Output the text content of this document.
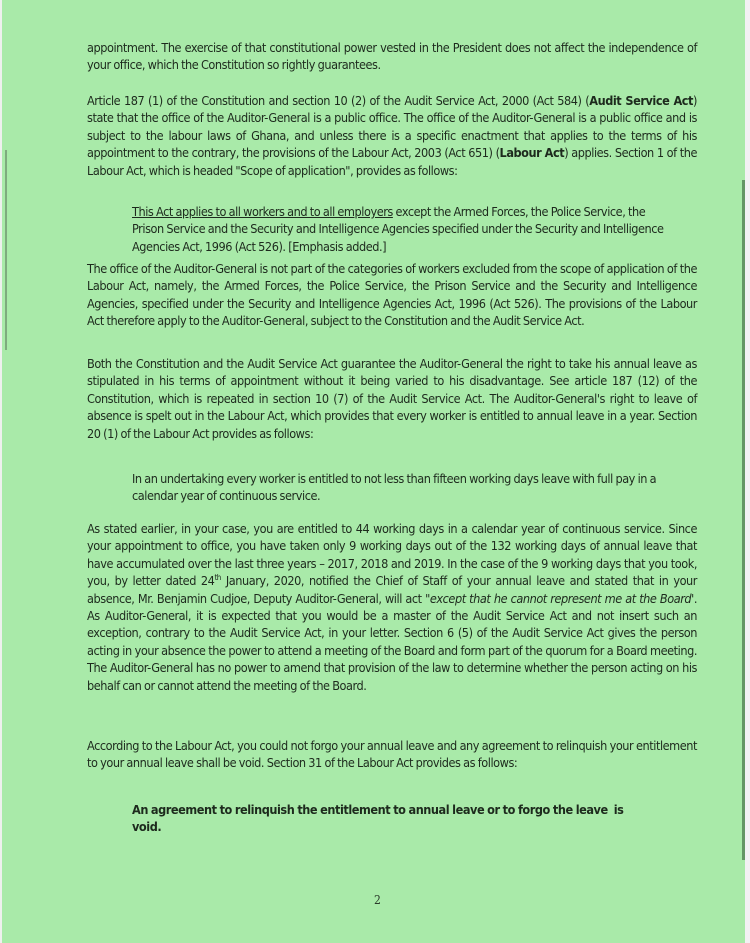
appointment. The exercise of that constitutional power vested in the President does not affect the independence of your office, which the Constitution so rightly guarantees.

Article 187 (1) of the Constitution and section 10 (2) of the Audit Service Act, 2000 (Act 584) (Audit Service Act) state that the office of the Auditor-General is a public office. The office of the Auditor-General is a public office and is subject to the labour laws of Ghana, and unless there is a specific enactment that applies to the terms of his appointment to the contrary, the provisions of the Labour Act, 2003 (Act 651) (Labour Act) applies. Section 1 of the Labour Act, which is headed "Scope of application", provides as follows:

This Act applies to all workers and to all employers except the Armed Forces, the Police Service, the Prison Service and the Security and Intelligence Agencies specified under the Security and Intelligence Agencies Act, 1996 (Act 526). [Emphasis added.]

The office of the Auditor-General is not part of the categories of workers excluded from the scope of application of the Labour Act, namely, the Armed Forces, the Police Service, the Prison Service and the Security and Intelligence Agencies, specified under the Security and Intelligence Agencies Act, 1996 (Act 526). The provisions of the Labour Act therefore apply to the Auditor-General, subject to the Constitution and the Audit Service Act.

Both the Constitution and the Audit Service Act guarantee the Auditor-General the right to take his annual leave as stipulated in his terms of appointment without it being varied to his disadvantage. See article 187 (12) of the Constitution, which is repeated in section 10 (7) of the Audit Service Act. The Auditor-General's right to leave of absence is spelt out in the Labour Act, which provides that every worker is entitled to annual leave in a year. Section 20 (1) of the Labour Act provides as follows:

In an undertaking every worker is entitled to not less than fifteen working days leave with full pay in a calendar year of continuous service.

As stated earlier, in your case, you are entitled to 44 working days in a calendar year of continuous service. Since your appointment to office, you have taken only 9 working days out of the 132 working days of annual leave that have accumulated over the last three years – 2017, 2018 and 2019. In the case of the 9 working days that you took, you, by letter dated 24th January, 2020, notified the Chief of Staff of your annual leave and stated that in your absence, Mr. Benjamin Cudjoe, Deputy Auditor-General, will act "except that he cannot represent me at the Board'. As Auditor-General, it is expected that you would be a master of the Audit Service Act and not insert such an exception, contrary to the Audit Service Act, in your letter. Section 6 (5) of the Audit Service Act gives the person acting in your absence the power to attend a meeting of the Board and form part of the quorum for a Board meeting. The Auditor-General has no power to amend that provision of the law to determine whether the person acting on his behalf can or cannot attend the meeting of the Board.

According to the Labour Act, you could not forgo your annual leave and any agreement to relinquish your entitlement to your annual leave shall be void. Section 31 of the Labour Act provides as follows:

An agreement to relinquish the entitlement to annual leave or to forgo the leave  is void.

2
